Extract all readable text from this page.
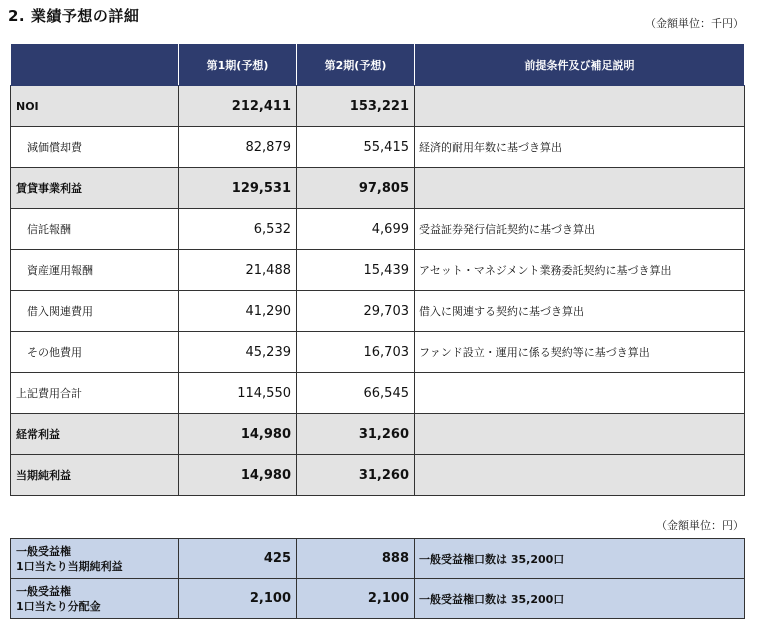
2. 業績予想の詳細	（金額単位：千円）
	第1期(予想)	第2期(予想)	前提条件及び補足説明
NOI	212,411	153,221	
減価償却費	82,879	55,415	経済的耐用年数に基づき算出
賃貸事業利益	129,531	97,805	
信託報酬	6,532	4,699	受益証券発行信託契約に基づき算出
資産運用報酬	21,488	15,439	アセット・マネジメント業務委託契約に基づき算出
借入関連費用	41,290	29,703	借入に関連する契約に基づき算出
その他費用	45,239	16,703	ファンド設立・運用に係る契約等に基づき算出
上記費用合計	114,550	66,545	
経常利益	14,980	31,260	
当期純利益	14,980	31,260	
（金額単位：円）
一般受益権
1口当たり当期純利益	425	888	一般受益権口数は 35,200口

一般受益権
1口当たり分配金	2,100	2,100	一般受益権口数は 35,200口
